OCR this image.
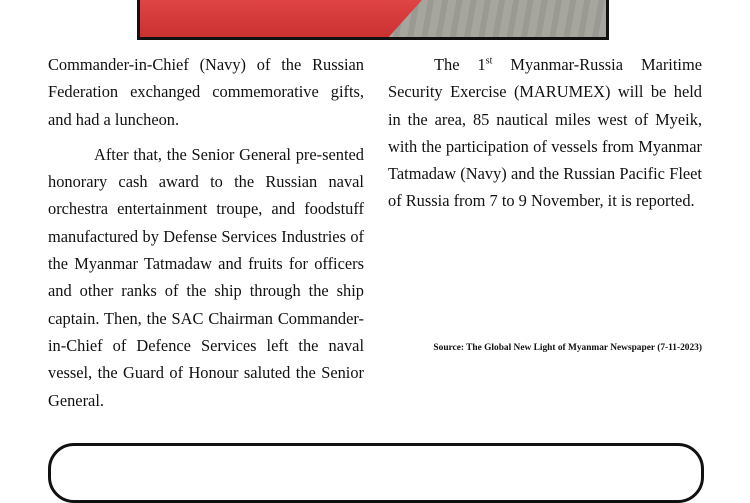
Commander-in-Chief (Navy) of the Russian Federation exchanged commemorative gifts, and had a luncheon.

After that, the Senior General pre-sented honorary cash award to the Russian naval orchestra entertainment troupe, and foodstuff manufactured by Defense Services Industries of the Myanmar Tatmadaw and fruits for officers and other ranks of the ship through the ship captain. Then, the SAC Chairman Commander-in-Chief of Defence Services left the naval vessel, the Guard of Honour saluted the Senior General.

The 1st Myanmar-Russia Maritime Security Exercise (MARUMEX) will be held in the area, 85 nautical miles west of Myeik, with the participation of vessels from Myanmar Tatmadaw (Navy) and the Russian Pacific Fleet of Russia from 7 to 9 November, it is reported.

Source: The Global New Light of Myanmar Newspaper (7-11-2023)
